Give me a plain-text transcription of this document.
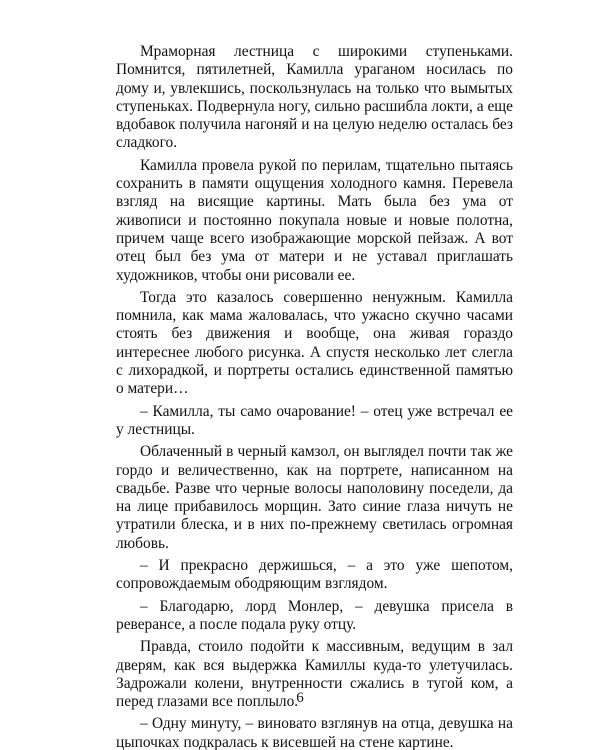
Мраморная лестница с широкими ступеньками. Помнится, пятилетней, Камилла ураганом носилась по дому и, увлекшись, поскользнулась на только что вымытых ступеньках. Подвернула ногу, сильно расшибла локти, а еще вдобавок получила нагоняй и на целую неделю осталась без сладкого.

Камилла провела рукой по перилам, тщательно пытаясь сохранить в памяти ощущения холодного камня. Перевела взгляд на висящие картины. Мать была без ума от живописи и постоянно покупала новые и новые полотна, причем чаще всего изображающие морской пейзаж. А вот отец был без ума от матери и не уставал приглашать художников, чтобы они рисовали ее.

Тогда это казалось совершенно ненужным. Камилла помнила, как мама жаловалась, что ужасно скучно часами стоять без движения и вообще, она живая гораздо интереснее любого рисунка. А спустя несколько лет слегла с лихорадкой, и портреты остались единственной памятью о матери…

– Камилла, ты само очарование! – отец уже встречал ее у лестницы.

Облаченный в черный камзол, он выглядел почти так же гордо и величественно, как на портрете, написанном на свадьбе. Разве что черные волосы наполовину поседели, да на лице прибавилось морщин. Зато синие глаза ничуть не утратили блеска, и в них по-прежнему светилась огромная любовь.

– И прекрасно держишься, – а это уже шепотом, сопровождаемым ободряющим взглядом.

– Благодарю, лорд Монлер, – девушка присела в реверансе, а после подала руку отцу.

Правда, стоило подойти к массивным, ведущим в зал дверям, как вся выдержка Камиллы куда-то улетучилась. Задрожали колени, внутренности сжались в тугой ком, а перед глазами все поплыло.

– Одну минуту, – виновато взглянув на отца, девушка на цыпочках подкралась к висевшей на стене картине.

6
